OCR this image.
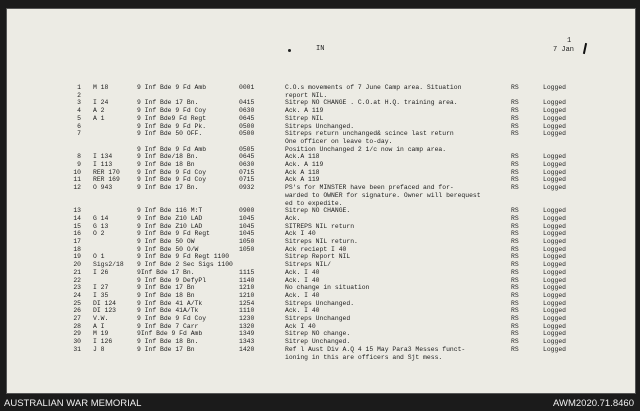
IN
1
7 Jan
1 M 18	9 Inf Bde 9 Fd Amb	0001	C.O.s movements of 7 June Camp area. Situation	RS	Logged
2	report NIL.
3 I 24	9 Inf Bde 17 Bn.	0415	Sitrep NO CHANGE . C.O.at H.Q. training area.	RS	Logged
4 A 2	9 Inf Bde 9 Fd Coy	0630	Ack. A 119	RS	Logged
5 A 1	9 Inf Bde9 Fd Regt	0645	Sitrep NIL	RS	Logged
6	9 Inf Bde 9 Fd Pk.	0500	Sitreps Unchanged.	RS	Logged
7	9 Inf Bde 50 OFF.	0500	Sitreps return unchanged& scince last return	RS	Logged
One officer on leave to-day.
9 Inf Bde 9 Fd Amb	0505	Position Unchanged 2 1/c now in camp area.
8 I 134	9 Inf Bde/18 Bn.	0645	Ack.A 118	RS	Logged
9 I 113	9 Inf Bde 18 Bn	0630	Ack. A 119	RS	Logged
10 RER 170	9 Inf Bde 9 Fd Coy	0715	Ack A 118	RS	Logged
11 RER 169	9 Inf Bde 9 Fd Coy	0715	Ack A 119	RS	Logged
12 O 943	9 Inf Bde 17 Bn.	0932	PS's for MINSTER have been prefaced and for-	RS	Logged
warded to OWNER for signature. Owner will berequest
ed to expedite.
13	9 Inf Bde 116 M:T	0900	Sitrep NO CHANGE.	RS	Logged
14 G 14	9 Inf Bde Z10 LAD	1045	Ack.	RS	Logged
15 G 13	9 Inf Bde Z10 LAD	1045	SITREPS NIL return	RS	Logged
16 O 2	9 Inf Bde 9 Fd Regt	1045	Ack I 40	RS	Logged
17	9 Inf Bde 50 OW	1050	Sitreps NIL return.	RS	Logged
18	9 Inf Bde 50 O/W	1050	Ack reciept I 40	RS	Logged
19 O 1	9 Inf Bde 9 Fd Regt 1100	Sitrep Report NIL	RS	Logged
20 Sigs2/18	9 Inf Bde 2 Sec Sigs 1100	Sitreps NIL/	RS	Logged
21 I 26	9Inf Bde 17 Bn.	1115	Ack. I 40	RS	Logged
22	9 Inf Bde 9 DefyPl	1140	Ack. I 40	RS	Logged
23 I 27	9 Inf Bde 17 Bn	1210	No change in situation	RS	Logged
24 I 35	9 Inf Bde 18 Bn	1210	Ack. I 40	RS	Logged
25 DI 124	9 Inf Bde 41 A/Tk	1254	Sitreps Unchanged.	RS	Logged
26 DI 123	9 Inf Bde 41A/Tk	1110	Ack. I 40	RS	Logged
27 V.W.	9 Inf Bde 9 Fd Coy	1230	Sitreps Unchanged	RS	Logged
28 A I	9 Inf Bde 7 Carr	1320	Ack I 40	RS	Logged
29 M 19	9Inf Bde 9 Fd Amb	1349	Sitrep NO change.	RS	Logged
30 I 126	9 Inf Bde 18 Bn.	1343	Sitrep Unchanged.	RS	Logged
31 J 8	9 Inf Bde 17 Bn	1420	Ref l Aust Div A.Q 4 15 May Para3 Messes funct-	RS	Logged
ioning in this are officers and Sjt mess.
AUSTRALIAN WAR MEMORIAL	AWM2020.71.8460
